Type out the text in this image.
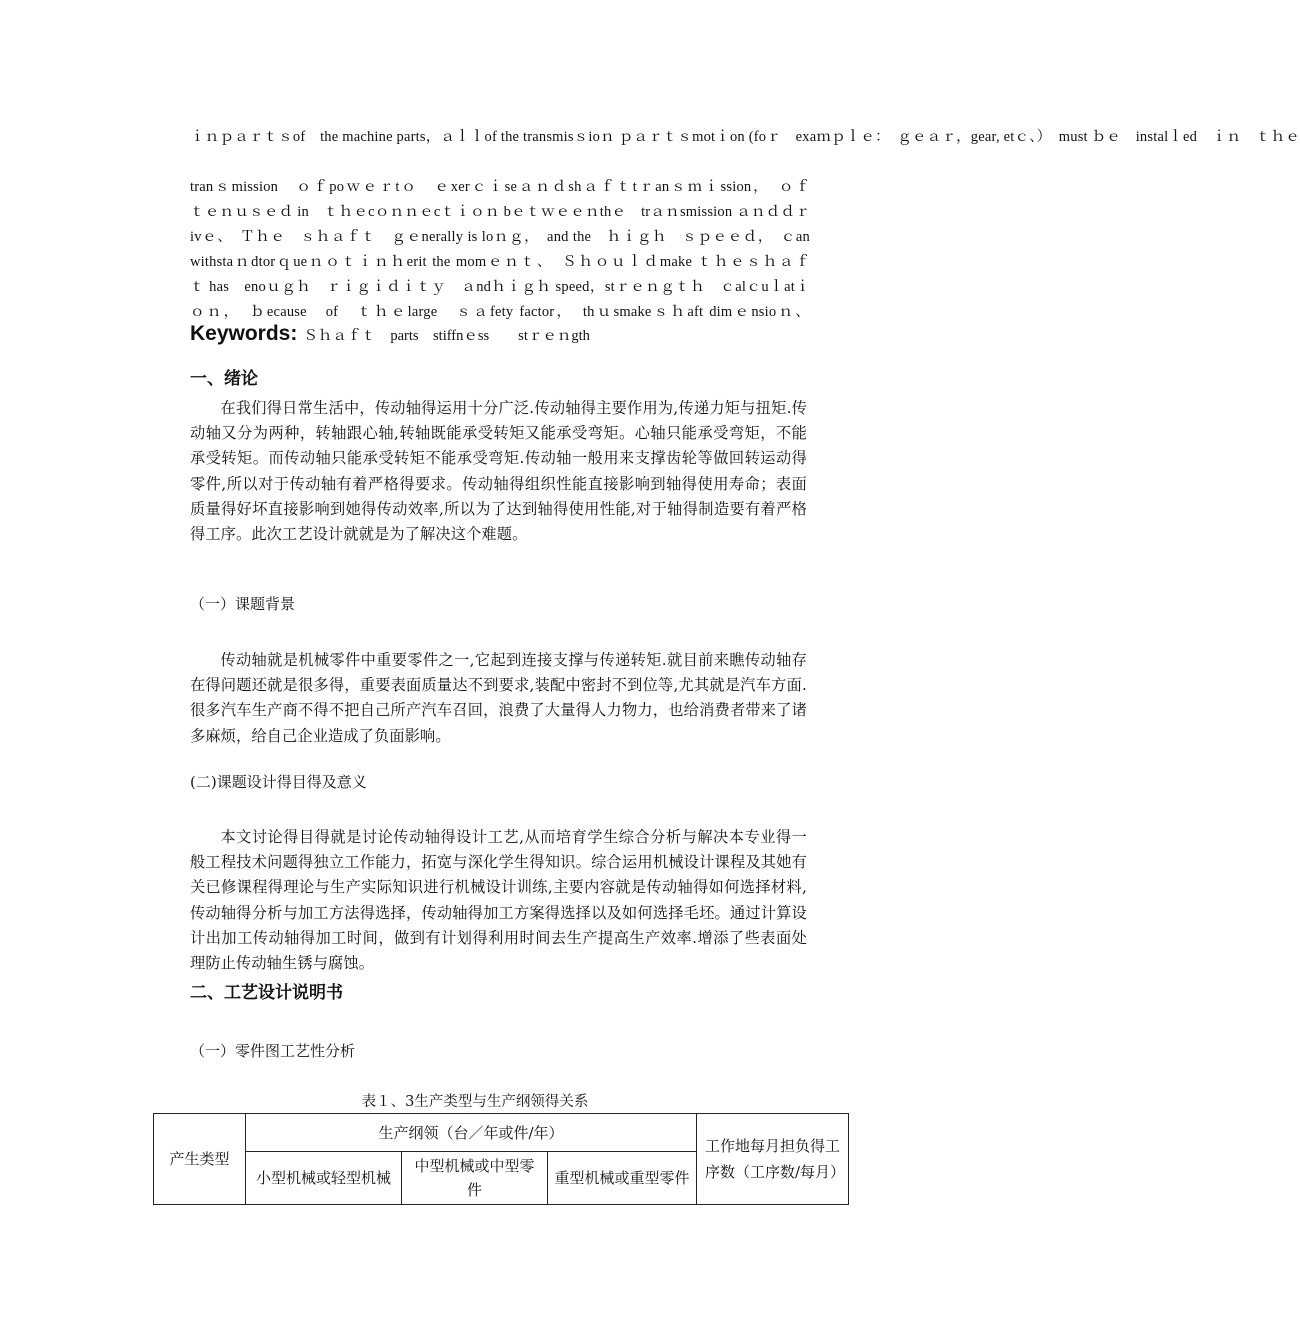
ｉｎｐａｒｔｓof　the machine parts，ａｌｌof the transmisｓioｎ ｐａｒｔｓmotｉon (foｒ　exaｍｐｌｅ：　ｇｅａｒ，gear, etｃ、）　must ｂｅ　instalｌed　ｉｎ　ｔｈｅ
tranｓmission　ｏｆpoｗｅｒtｏ　ｅxerｃｉseａｎｄshａｆｔtｒanｓｍｉssion，　ｏｆ
ｔｅｎｕｓｅｄ in　ｔｈｅcｏｎｎｅcｔｉｏｎ bｅｔｗｅｅｎthｅ　trａｎsmission ａｎｄｄｒ
ivｅ、　Ｔｈｅ　ｓｈａｆｔ　ｇｅnerally is loｎｇ，　and the　ｈｉｇｈ　ｓｐｅｅｄ，　ｃan
withstaｎdtorｑueｎｏｔｉｎｈerit the momｅｎｔ、　Ｓｈｏｕｌｄmake ｔｈｅｓｈａｆ
ｔ has　enoｕｇｈ　ｒｉｇｉｄｉｔｙ　ａndｈｉｇｈ speed，stｒｅｎｇｔｈ　ｃalｃuｌatｉ
ｏｎ，　ｂecause　of　ｔｈｅlarge　ｓａfety factor，　thｕsmakeｓｈaft dimｅnsioｎ、
Keywords: Ｓｈａｆｔ　parts　stiffnｅss　　stｒｅｎgth
一、绪论
在我们得日常生活中，传动轴得运用十分广泛.传动轴得主要作用为,传递力矩与扭矩.传动轴又分为两种，转轴跟心轴,转轴既能承受转矩又能承受弯矩。心轴只能承受弯矩，不能承受转矩。而传动轴只能承受转矩不能承受弯矩.传动轴一般用来支撑齿轮等做回转运动得零件,所以对于传动轴有着严格得要求。传动轴得组织性能直接影响到轴得使用寿命；表面质量得好坏直接影响到她得传动效率,所以为了达到轴得使用性能,对于轴得制造要有着严格得工序。此次工艺设计就就是为了解决这个难题。
（一）课题背景
传动轴就是机械零件中重要零件之一,它起到连接支撑与传递转矩.就目前来瞧传动轴存在得问题还就是很多得，重要表面质量达不到要求,装配中密封不到位等,尤其就是汽车方面.很多汽车生产商不得不把自己所产汽车召回，浪费了大量得人力物力，也给消费者带来了诸多麻烦，给自己企业造成了负面影响。
(二)课题设计得目得及意义
本文讨论得目得就是讨论传动轴得设计工艺,从而培育学生综合分析与解决本专业得一般工程技术问题得独立工作能力，拓宽与深化学生得知识。综合运用机械设计课程及其她有关已修课程得理论与生产实际知识进行机械设计训练,主要内容就是传动轴得如何选择材料,传动轴得分析与加工方法得选择，传动轴得加工方案得选择以及如何选择毛坯。通过计算设计出加工传动轴得加工时间，做到有计划得利用时间去生产提高生产效率.增添了些表面处理防止传动轴生锈与腐蚀。
二、工艺设计说明书
（一）零件图工艺性分析
表１、3生产类型与生产纲领得关系
产生类型	生产纲领（台／年或件/年）			工作地每月担负得工序数（工序数/每月）
	小型机械或轻型机械	中型机械或中型零件	重型机械或重型零件	
